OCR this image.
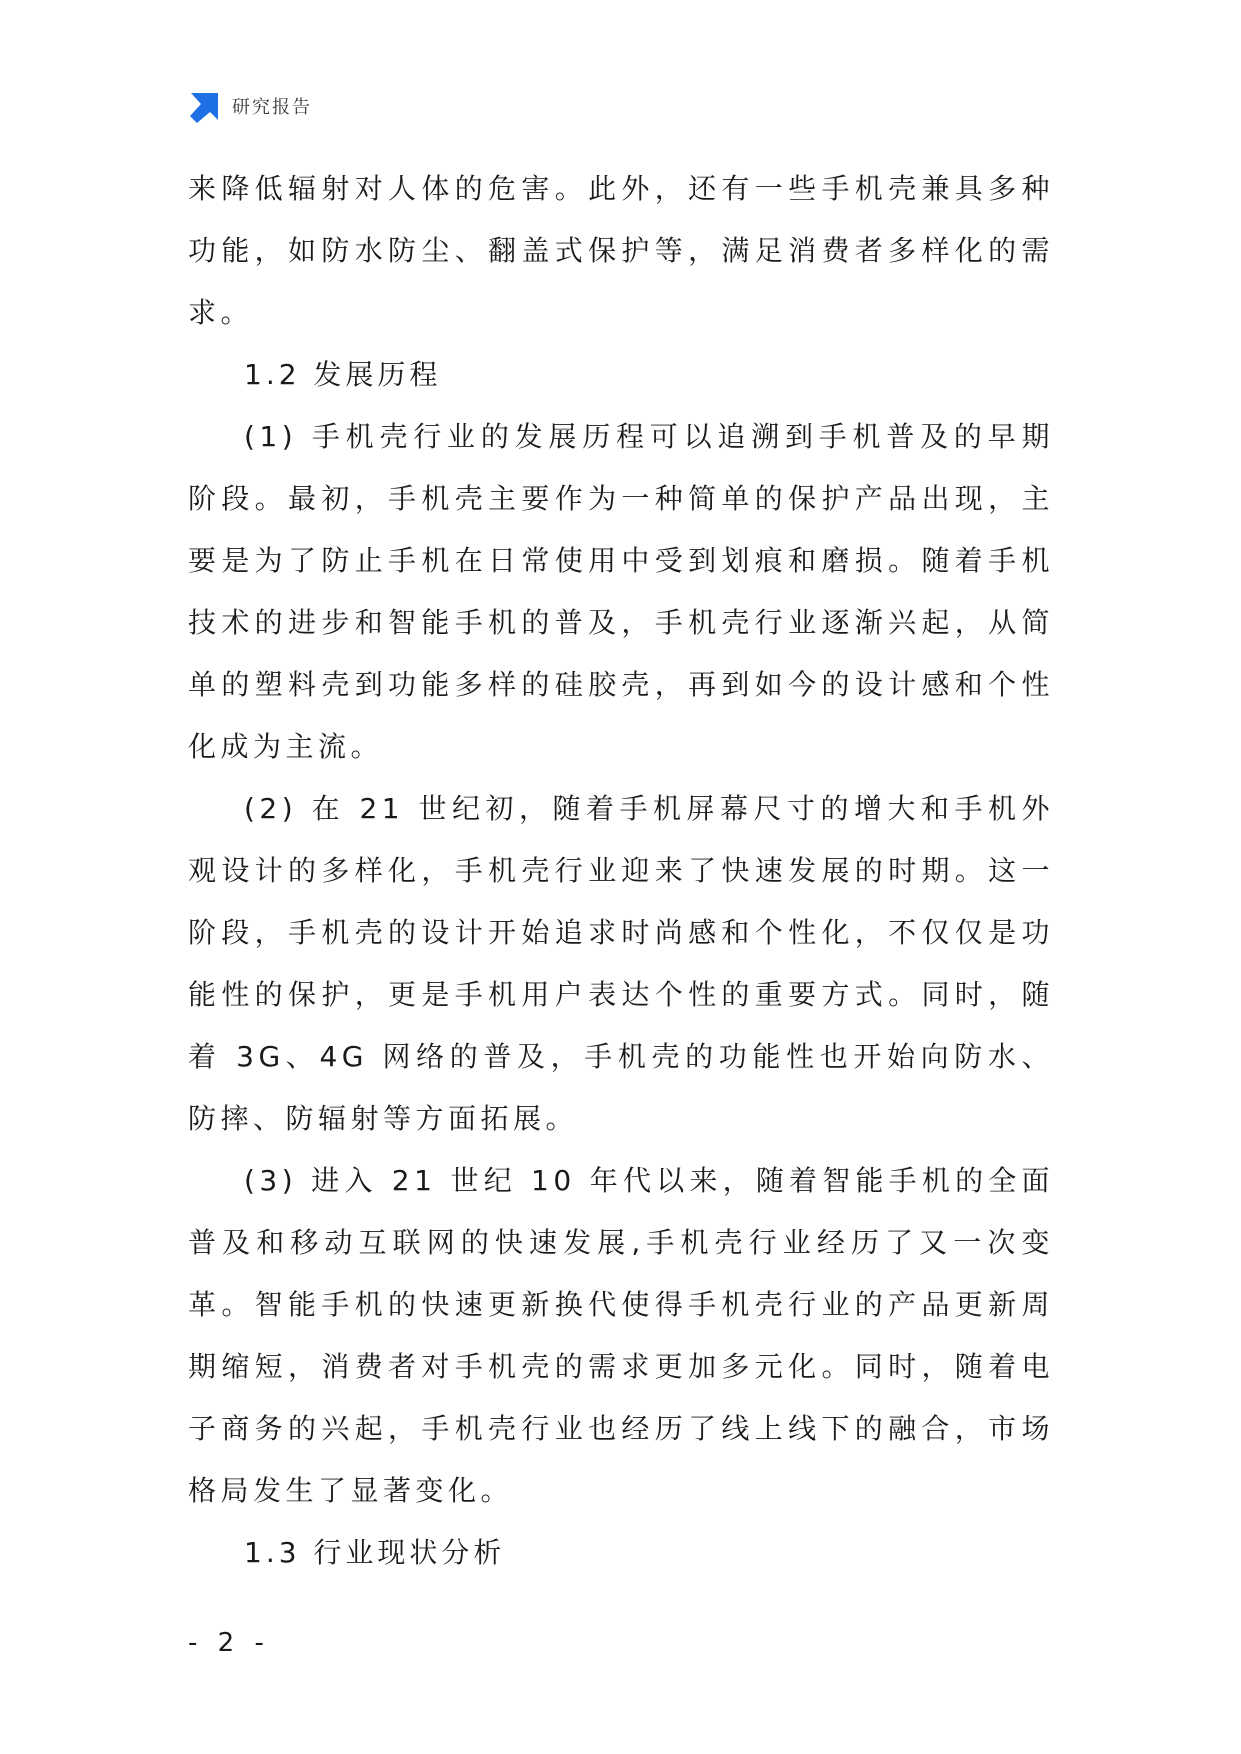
研究报告

来降低辐射对人体的危害。此外，还有一些手机壳兼具多种功能，如防水防尘、翻盖式保护等，满足消费者多样化的需求。

1.2 发展历程

(1) 手机壳行业的发展历程可以追溯到手机普及的早期阶段。最初，手机壳主要作为一种简单的保护产品出现，主要是为了防止手机在日常使用中受到划痕和磨损。随着手机技术的进步和智能手机的普及，手机壳行业逐渐兴起，从简单的塑料壳到功能多样的硅胶壳，再到如今的设计感和个性化成为主流。

(2) 在 21 世纪初，随着手机屏幕尺寸的增大和手机外观设计的多样化，手机壳行业迎来了快速发展的时期。这一阶段，手机壳的设计开始追求时尚感和个性化，不仅仅是功能性的保护，更是手机用户表达个性的重要方式。同时，随着 3G、4G 网络的普及，手机壳的功能性也开始向防水、防摔、防辐射等方面拓展。

(3) 进入 21 世纪 10 年代以来，随着智能手机的全面普及和移动互联网的快速发展,手机壳行业经历了又一次变革。智能手机的快速更新换代使得手机壳行业的产品更新周期缩短，消费者对手机壳的需求更加多元化。同时，随着电子商务的兴起，手机壳行业也经历了线上线下的融合，市场格局发生了显著变化。

1.3 行业现状分析

- 2 -
